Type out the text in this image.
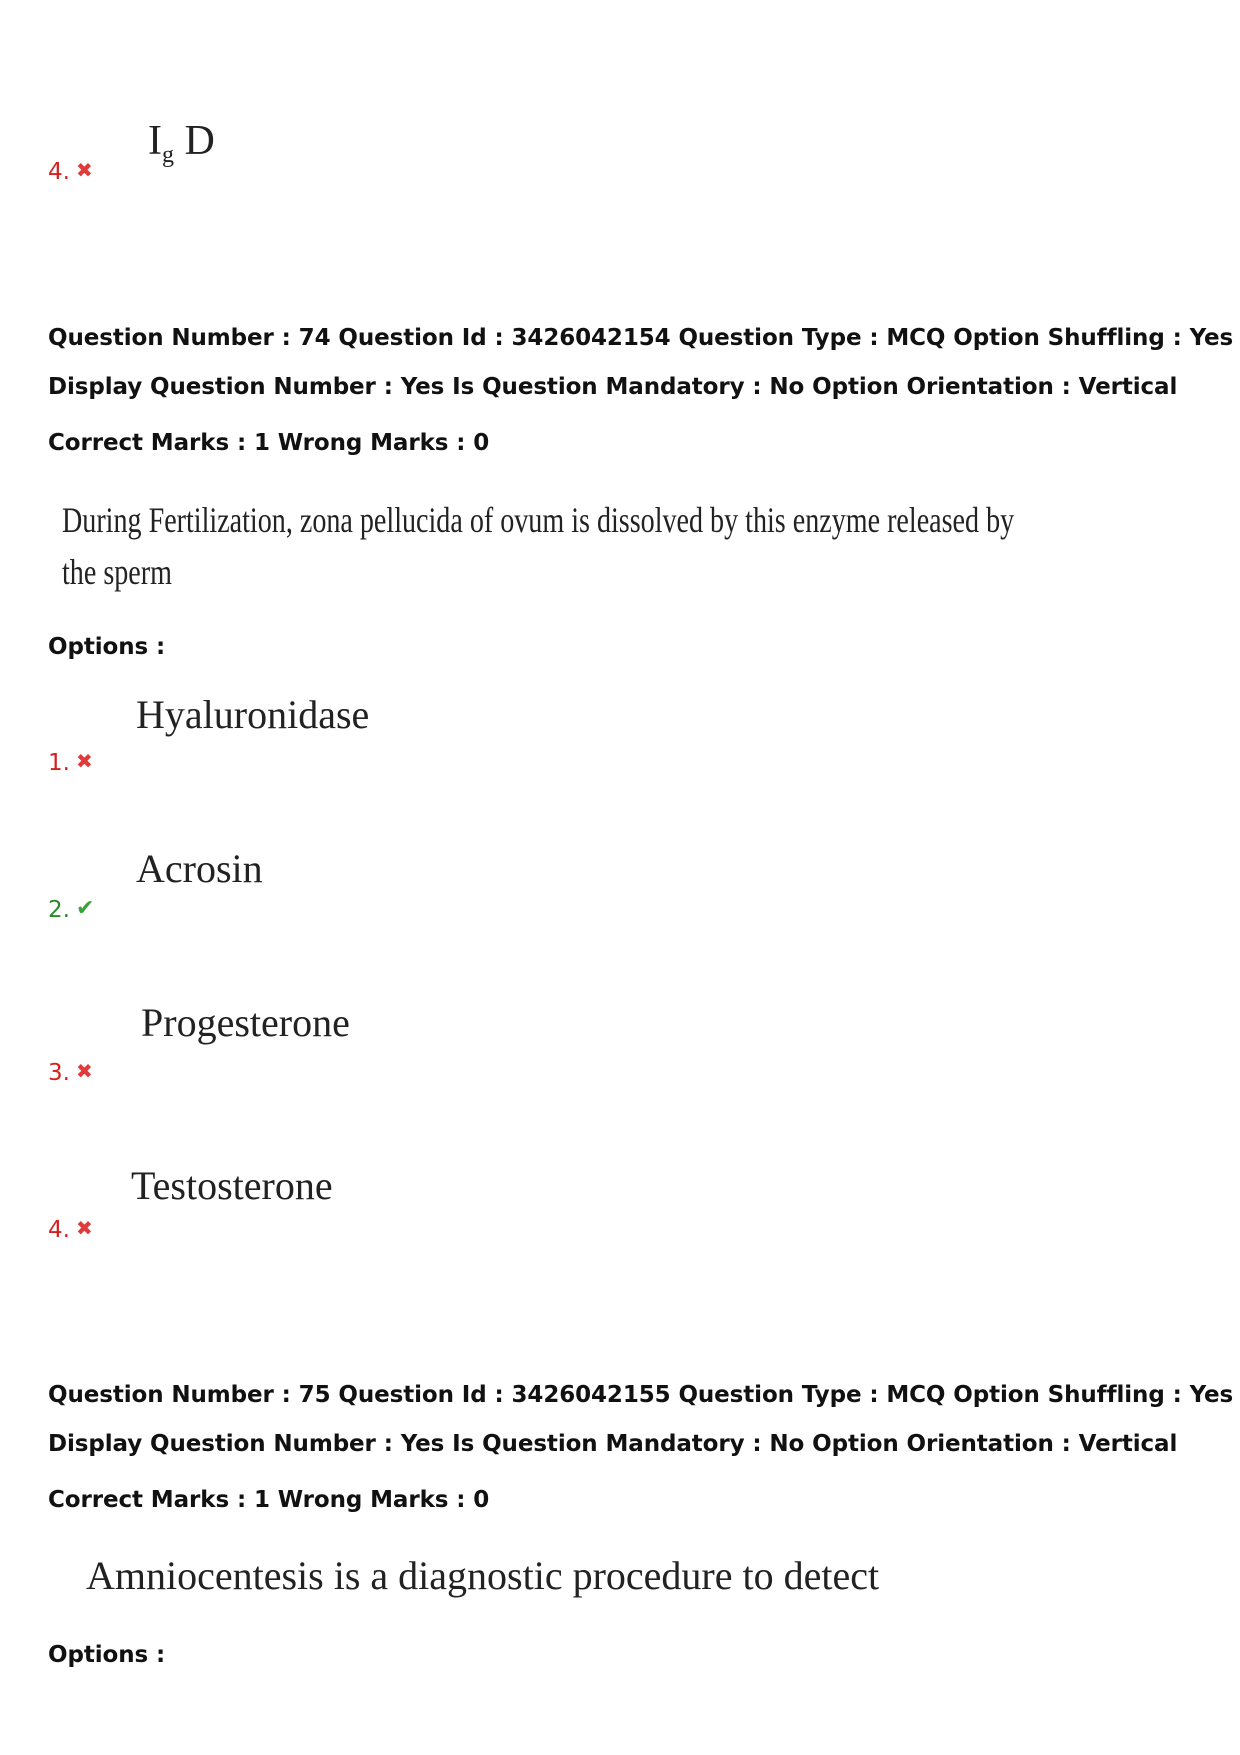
4. ✖
Ig D
Question Number : 74 Question Id : 3426042154 Question Type : MCQ Option Shuffling : Yes
Display Question Number : Yes Is Question Mandatory : No Option Orientation : Vertical
Correct Marks : 1 Wrong Marks : 0
During Fertilization, zona pellucida of ovum is dissolved by this enzyme released by
the sperm
Options :
Hyaluronidase
1. ✖
Acrosin
2. ✔
Progesterone
3. ✖
Testosterone
4. ✖
Question Number : 75 Question Id : 3426042155 Question Type : MCQ Option Shuffling : Yes
Display Question Number : Yes Is Question Mandatory : No Option Orientation : Vertical
Correct Marks : 1 Wrong Marks : 0
Amniocentesis is a diagnostic procedure to detect
Options :
